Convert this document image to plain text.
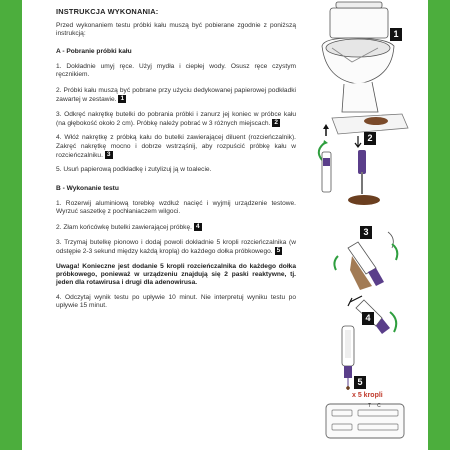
INSTRUKCJA WYKONANIA:
Przed wykonaniem testu próbki kału muszą być pobierane zgodnie z poniższą instrukcją:
A - Pobranie próbki kału
1. Dokładnie umyj ręce. Użyj mydła i ciepłej wody. Osusz ręce czystym ręcznikiem.
2. Próbki kału muszą być pobrane przy użyciu dedykowanej papierowej podkładki zawartej w zestawie. 1
3. Odkręć nakrętkę butelki do pobrania próbki i zanurz jej koniec w próbce kału (na głębokość około 2 cm). Próbkę należy pobrać w 3 różnych miejscach. 2
4. Włóż nakrętkę z próbką kału do butelki zawierającej diluent (rozcieńczalnik). Zakręć nakrętkę mocno i dobrze wstrząśnij, aby rozpuścić próbkę kału w rozcieńczalniku. 3
5. Usuń papierową podkładkę i zutylizuj ją w toalecie.
B - Wykonanie testu
1. Rozerwij aluminiową torebkę wzdłuż nacięć i wyjmij urządzenie testowe. Wyrzuć saszetkę z pochłaniaczem wilgoci.
2. Złam końcówkę butelki zawierającej próbkę. 4
3. Trzymaj butelkę pionowo i dodaj powoli dokładnie 5 kropli rozcieńczalnika (w odstępie 2-3 sekund między każdą kroplą) do każdego dołka próbkowego. 5
Uwaga! Konieczne jest dodanie 5 kropli rozcieńczalnika do każdego dołka próbkowego, ponieważ w urządzeniu znajdują się 2 paski reaktywne, tj. jeden dla rotawirusa i drugi dla adenowirusa.
4. Odczytaj wynik testu po upływie 10 minut. Nie interpretuj wyniku testu po upływie 15 minut.
1
2
3
4
5
x 5 kropli
TC
